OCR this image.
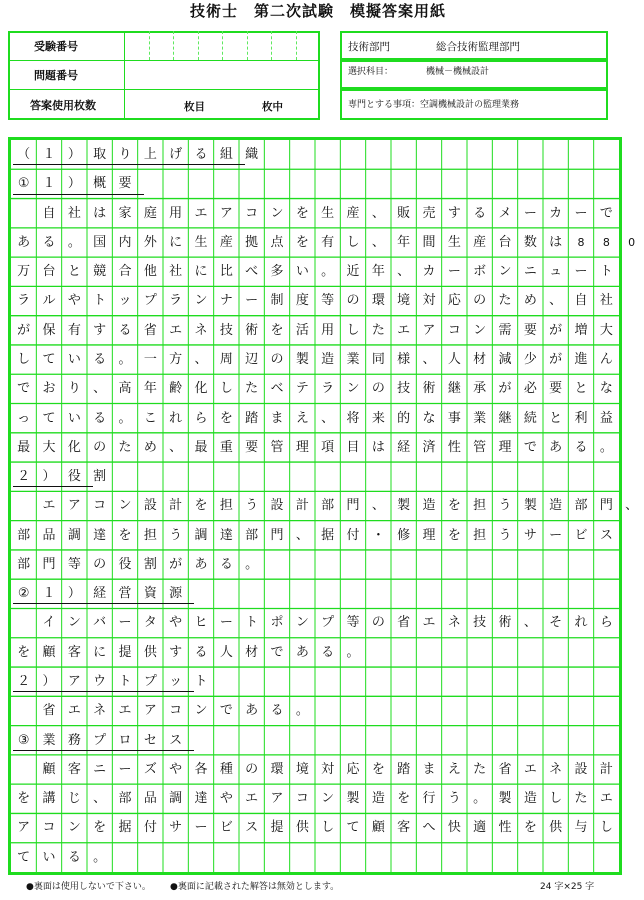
技術士　第二次試験　模擬答案用紙
受験番号
問題番号
答案使用枚数	枚目	枚中
技術部門	総合技術監理部門
選択科目：	機械－機械設計
専門とする事項：空調機械設計の監理業務
（ １ ） 取 り 上 げ る 組 織
①	１ ） 概 要
自 社 は 家 庭 用 エ ア コ ン を 生 産 、 販 売 す る メ ー カ ー で
あ る 。 国 内 外 に 生 産 拠 点 を 有 し 、 年 間 生 産 台 数 は	8	8	0
万 台 と 競 合 他 社 に 比 べ 多 い 。 近 年 、 カ ー ボ ン ニ ュ ー ト
ラ ル や ト ッ プ ラ ン ナ ー 制 度 等 の 環 境 対 応 の た め 、 自 社
が 保 有 す る 省 エ ネ 技 術 を 活 用 し た エ ア コ ン 需 要 が 増 大
し て い る 。 一 方 、 周 辺 の 製 造 業 同 様 、 人 材 減 少 が 進 ん
で お り 、 高 年 齢 化 し た ベ テ ラ ン の 技 術 継 承 が 必 要 と な
っ て い る 。 こ れ ら を 踏 ま え 、 将 来 的 な 事 業 継 続 と 利 益
最 大 化 の た め 、 最 重 要 管 理 項 目 は 経 済 性 管 理 で あ る 。
２ ） 役 割
エ ア コ ン 設 計 を 担 う 設 計 部 門 、 製 造 を 担 う 製 造 部 門 、
部 品 調 達 を 担 う 調 達 部 門 、 据 付 ・ 修 理 を 担 う サ ー ビ ス
部 門 等 の 役 割 が あ る 。
②	１ ） 経 営 資 源
イ ン バ ー タ や ヒ ー ト ポ ン プ 等 の 省 エ ネ 技 術 、 そ れ ら
を 顧 客 に 提 供 す る 人 材 で あ る 。
２ ） ア ウ ト プ ッ ト
省 エ ネ エ ア コ ン で あ る 。
③	業 務 プ ロ セ ス
顧 客 ニ ー ズ や 各 種 の 環 境 対 応 を 踏 ま え た 省 エ ネ 設 計
を 講 じ 、 部 品 調 達 や エ ア コ ン 製 造 を 行 う 。 製 造 し た エ
ア コ ン を 据 付 サ ー ビ ス 提 供 し て 顧 客 へ 快 適 性 を 供 与 し
て い る 。
●裏面は使用しないで下さい。 ●裏面に記載された解答は無効とします。	24 字×25 字
